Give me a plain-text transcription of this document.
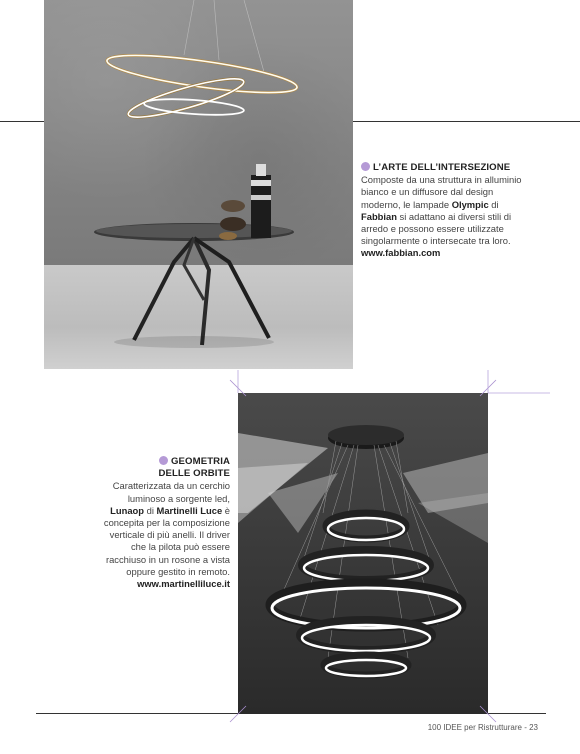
L’ARTE DELL’INTERSEZIONE
Composte da una struttura in alluminio bianco e un diffusore dal design moderno, le lampade Olympic di Fabbian si adattano ai diversi stili di arredo e possono essere utilizzate singolarmente o intersecate tra loro.
www.fabbian.com
GEOMETRIA
DELLE ORBITE
Caratterizzata da un cerchio luminoso a sorgente led, Lunaop di Martinelli Luce è concepita per la composizione verticale di più anelli. Il driver che la pilota può essere racchiuso in un rosone a vista oppure gestito in remoto.
www.martinelliluce.it
100 IDEE per Ristrutturare - 23
